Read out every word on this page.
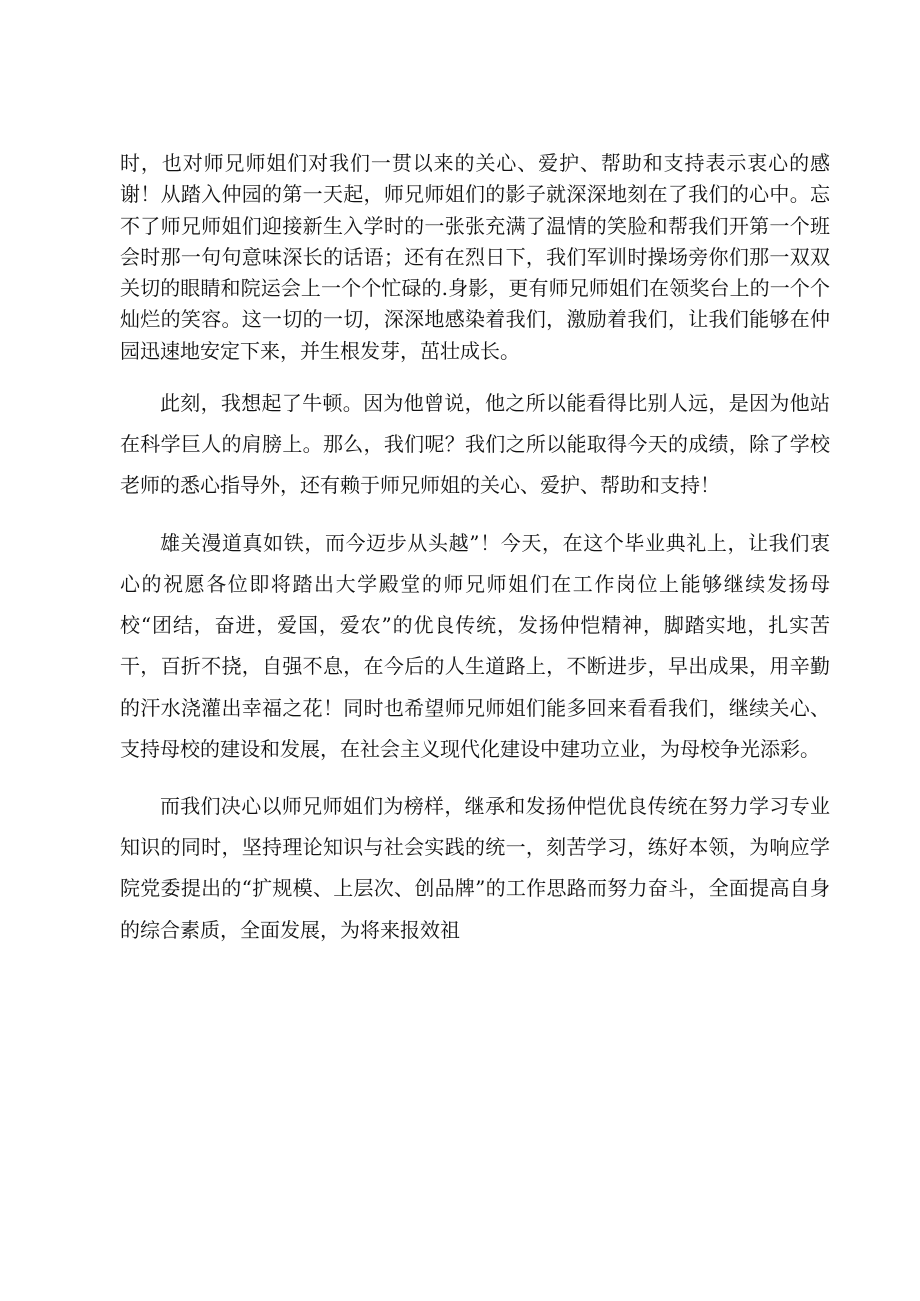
时，也对师兄师姐们对我们一贯以来的关心、爱护、帮助和支持表示衷心的感谢！从踏入仲园的第一天起，师兄师姐们的影子就深深地刻在了我们的心中。忘不了师兄师姐们迎接新生入学时的一张张充满了温情的笑脸和帮我们开第一个班会时那一句句意味深长的话语；还有在烈日下，我们军训时操场旁你们那一双双关切的眼睛和院运会上一个个忙碌的.身影，更有师兄师姐们在领奖台上的一个个灿烂的笑容。这一切的一切，深深地感染着我们，激励着我们，让我们能够在仲园迅速地安定下来，并生根发芽，茁壮成长。

此刻，我想起了牛顿。因为他曾说，他之所以能看得比别人远，是因为他站在科学巨人的肩膀上。那么，我们呢？我们之所以能取得今天的成绩，除了学校老师的悉心指导外，还有赖于师兄师姐的关心、爱护、帮助和支持！

雄关漫道真如铁，而今迈步从头越”！今天，在这个毕业典礼上，让我们衷心的祝愿各位即将踏出大学殿堂的师兄师姐们在工作岗位上能够继续发扬母校“团结，奋进，爱国，爱农”的优良传统，发扬仲恺精神，脚踏实地，扎实苦干，百折不挠，自强不息，在今后的人生道路上，不断进步，早出成果，用辛勤的汗水浇灌出幸福之花！同时也希望师兄师姐们能多回来看看我们，继续关心、支持母校的建设和发展，在社会主义现代化建设中建功立业，为母校争光添彩。

而我们决心以师兄师姐们为榜样，继承和发扬仲恺优良传统在努力学习专业知识的同时，坚持理论知识与社会实践的统一，刻苦学习，练好本领，为响应学院党委提出的“扩规模、上层次、创品牌”的工作思路而努力奋斗，全面提高自身的综合素质，全面发展，为将来报效祖
